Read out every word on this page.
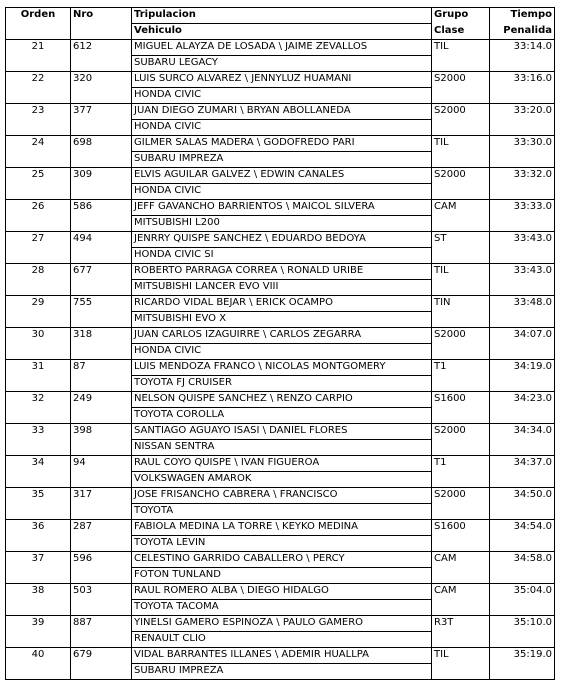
Orden	Nro	Tripulacion	Grupo	Tiempo
		Vehiculo	Clase	Penalida
21	612	MIGUEL ALAYZA DE LOSADA \ JAIME ZEVALLOS	TIL	33:14.0
		SUBARU LEGACY		
22	320	LUIS SURCO ALVAREZ \ JENNYLUZ HUAMANI	S2000	33:16.0
		HONDA CIVIC		
23	377	JUAN DIEGO ZUMARI \ BRYAN ABOLLANEDA	S2000	33:20.0
		HONDA CIVIC		
24	698	GILMER SALAS MADERA \ GODOFREDO PARI	TIL	33:30.0
		SUBARU IMPREZA		
25	309	ELVIS AGUILAR GALVEZ \ EDWIN CANALES	S2000	33:32.0
		HONDA CIVIC		
26	586	JEFF GAVANCHO BARRIENTOS \ MAICOL SILVERA	CAM	33:33.0
		MITSUBISHI L200		
27	494	JENRRY QUISPE SANCHEZ \ EDUARDO BEDOYA	ST	33:43.0
		HONDA CIVIC SI		
28	677	ROBERTO PARRAGA CORREA \ RONALD URIBE	TIL	33:43.0
		MITSUBISHI LANCER EVO VIII		
29	755	RICARDO VIDAL BEJAR \ ERICK OCAMPO	TIN	33:48.0
		MITSUBISHI EVO X		
30	318	JUAN CARLOS IZAGUIRRE \ CARLOS ZEGARRA	S2000	34:07.0
		HONDA CIVIC		
31	87	LUIS MENDOZA FRANCO \ NICOLAS MONTGOMERY	T1	34:19.0
		TOYOTA FJ CRUISER		
32	249	NELSON QUISPE SANCHEZ \ RENZO CARPIO	S1600	34:23.0
		TOYOTA COROLLA		
33	398	SANTIAGO AGUAYO ISASI \ DANIEL FLORES	S2000	34:34.0
		NISSAN SENTRA		
34	94	RAUL COYO QUISPE \ IVAN FIGUEROA	T1	34:37.0
		VOLKSWAGEN AMAROK		
35	317	JOSE FRISANCHO CABRERA \ FRANCISCO	S2000	34:50.0
		TOYOTA		
36	287	FABIOLA MEDINA LA TORRE \ KEYKO MEDINA	S1600	34:54.0
		TOYOTA LEVIN		
37	596	CELESTINO GARRIDO CABALLERO \ PERCY	CAM	34:58.0
		FOTON TUNLAND		
38	503	RAUL ROMERO ALBA \ DIEGO HIDALGO	CAM	35:04.0
		TOYOTA TACOMA		
39	887	YINELSI GAMERO ESPINOZA \ PAULO GAMERO	R3T	35:10.0
		RENAULT CLIO		
40	679	VIDAL BARRANTES ILLANES \ ADEMIR HUALLPA	TIL	35:19.0
		SUBARU IMPREZA		
